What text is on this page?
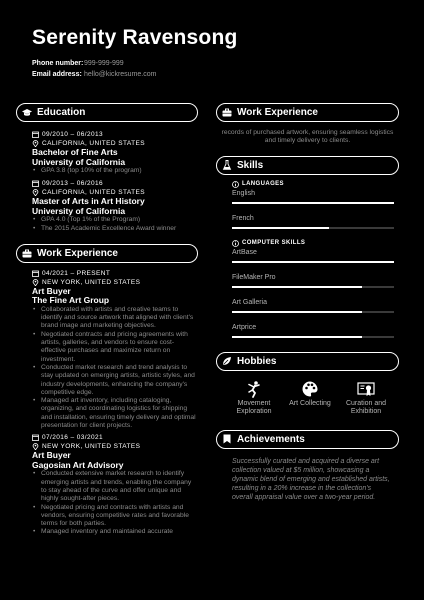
Serenity Ravensong
Phone number:999-999-999
Email address: hello@kickresume.com
Education
09/2010 – 06/2013
CALIFORNIA, UNITED STATES
Bachelor of Fine Arts
University of California
• GPA 3.8 (top 10% of the program)
09/2013 – 06/2016
CALIFORNIA, UNITED STATES
Master of Arts in Art History
University of California
• GPA 4.0 (Top 1% of the Program)
• The 2015 Academic Excellence Award winner
Work Experience
04/2021 – PRESENT
NEW YORK, UNITED STATES
Art Buyer
The Fine Art Group
• Collaborated with artists and creative teams to identify and source artwork that aligned with client's brand image and marketing objectives.
• Negotiated contracts and pricing agreements with artists, galleries, and vendors to ensure cost-effective purchases and maximize return on investment.
• Conducted market research and trend analysis to stay updated on emerging artists, artistic styles, and industry developments, enhancing the company's competitive edge.
• Managed art inventory, including cataloging, organizing, and coordinating logistics for shipping and installation, ensuring timely delivery and optimal presentation for client projects.
07/2016 – 03/2021
NEW YORK, UNITED STATES
Art Buyer
Gagosian Art Advisory
• Conducted extensive market research to identify emerging artists and trends, enabling the company to stay ahead of the curve and offer unique and highly sought-after pieces.
• Negotiated pricing and contracts with artists and vendors, ensuring competitive rates and favorable terms for both parties.
• Managed inventory and maintained accurate
Work Experience
records of purchased artwork, ensuring seamless logistics and timely delivery to clients.
Skills
LANGUAGES
English
French
COMPUTER SKILLS
ArtBase
FileMaker Pro
Art Galleria
Artprice
Hobbies
Movement Exploration
Art Collecting	Curation and Exhibition
Achievements
Successfully curated and acquired a diverse art collection valued at $5 million, showcasing a dynamic blend of emerging and established artists, resulting in a 20% increase in the collection's overall appraisal value over a two-year period.
